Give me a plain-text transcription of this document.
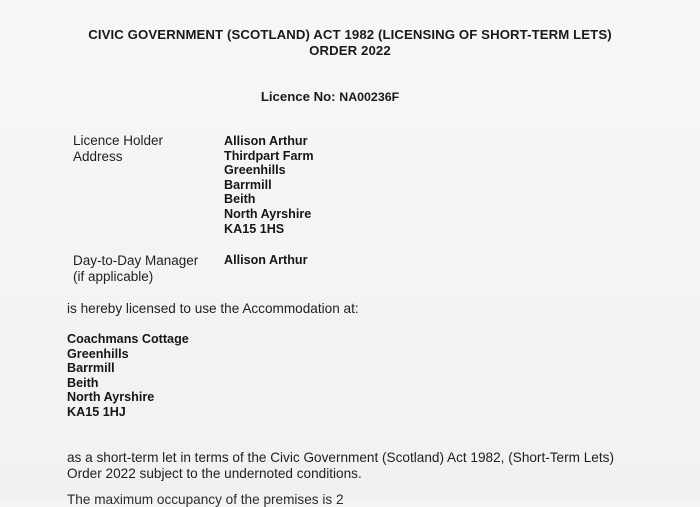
CIVIC GOVERNMENT (SCOTLAND) ACT 1982 (LICENSING OF SHORT-TERM LETS)
ORDER 2022
Licence No: NA00236F
Licence Holder
Address
Allison Arthur
Thirdpart Farm
Greenhills
Barrmill
Beith
North Ayrshire
KA15 1HS
Day-to-Day Manager
(if applicable)
Allison Arthur
is hereby licensed to use the Accommodation at:
Coachmans Cottage
Greenhills
Barrmill
Beith
North Ayrshire
KA15 1HJ
as a short-term let in terms of the Civic Government (Scotland) Act 1982, (Short-Term Lets)
Order 2022 subject to the undernoted conditions.
The maximum occupancy of the premises is 2
